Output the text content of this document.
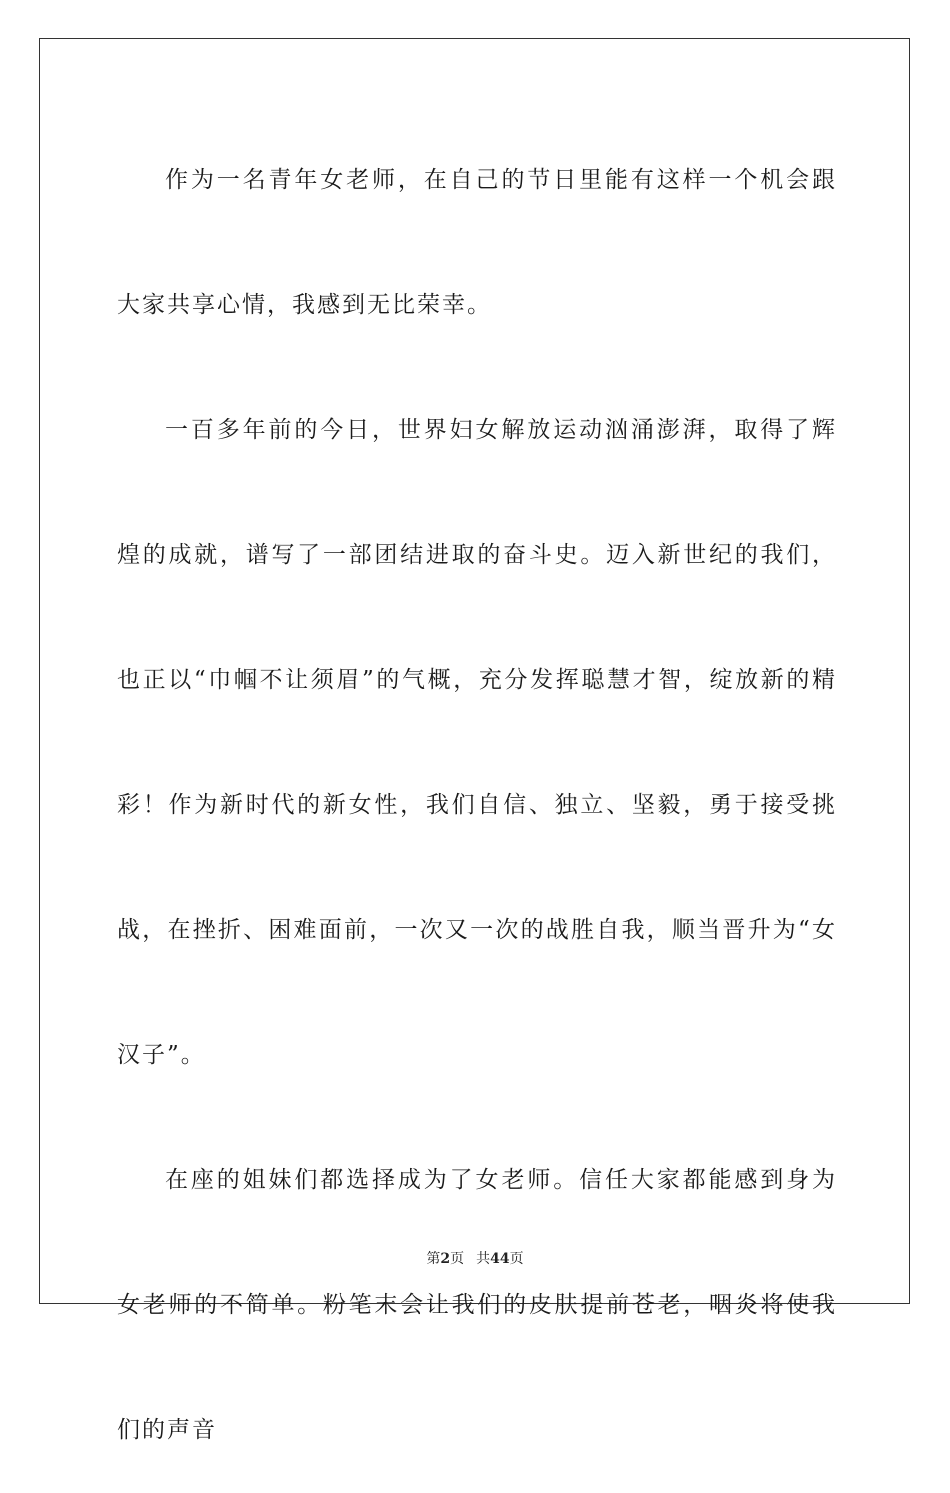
作为一名青年女老师，在自己的节日里能有这样一个机会跟大家共享心情，我感到无比荣幸。

一百多年前的今日，世界妇女解放运动汹涌澎湃，取得了辉煌的成就，谱写了一部团结进取的奋斗史。迈入新世纪的我们，也正以“巾帼不让须眉”的气概，充分发挥聪慧才智，绽放新的精彩！作为新时代的新女性，我们自信、独立、坚毅，勇于接受挑战，在挫折、困难面前，一次又一次的战胜自我，顺当晋升为“女汉子”。

在座的姐妹们都选择成为了女老师。信任大家都能感到身为女老师的不简单。粉笔末会让我们的皮肤提前苍老，咽炎将使我们的声音

第2页 共44页
